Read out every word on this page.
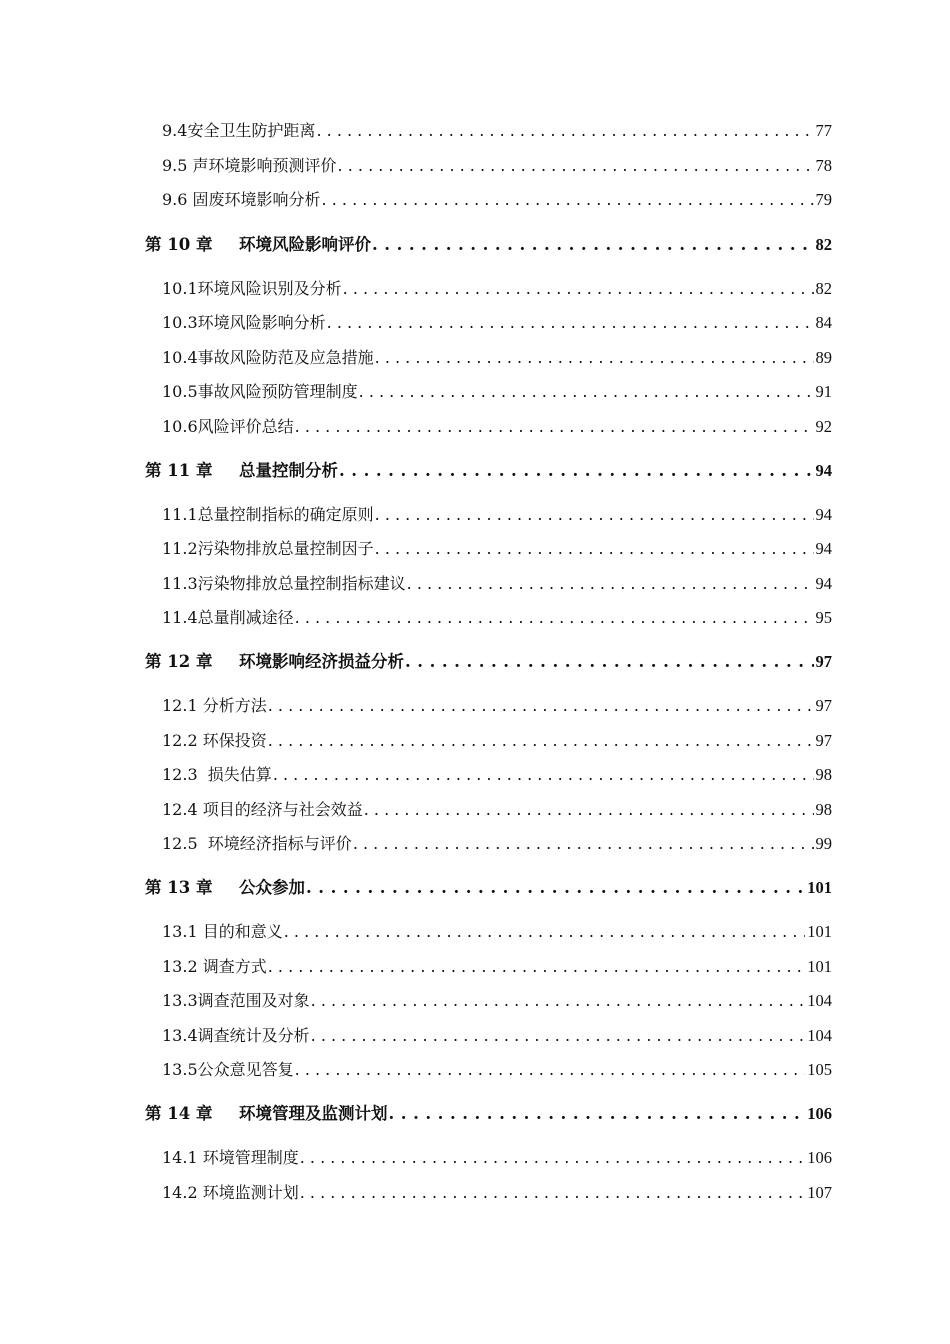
9.4 安全卫生防护距离 . . .	77
9.5 声环境影响预测评价 . . .	78
9.6 固废环境影响分析 . . .	79
第 10 章	环境风险影响评价 . . .	82
10.1 环境风险识别及分析 . . .	82
10.3 环境风险影响分析 . . .	84
10.4 事故风险防范及应急措施 . . .	89
10.5 事故风险预防管理制度 . . .	91
10.6 风险评价总结 . . .	92
第 11 章	总量控制分析 . . .	94
11.1 总量控制指标的确定原则 . . .	94
11.2 污染物排放总量控制因子 . . .	94
11.3 污染物排放总量控制指标建议 . . .	94
11.4 总量削减途径 . . .	95
第 12 章	环境影响经济损益分析 . . .	97
12.1 分析方法 . . .	97
12.2 环保投资 . . .	97
12.3 损失估算 . . .	98
12.4 项目的经济与社会效益 . . .	98
12.5 环境经济指标与评价 . . .	99
第 13 章	公众参加 . . .	101
13.1 目的和意义 . . .	101
13.2 调查方式 . . .	101
13.3 调查范围及对象 . . .	104
13.4 调查统计及分析 . . .	104
13.5 公众意见答复 . . .	105
第 14 章	环境管理及监测计划 . . .	106
14.1 环境管理制度 . . .	106
14.2 环境监测计划 . . .	107
